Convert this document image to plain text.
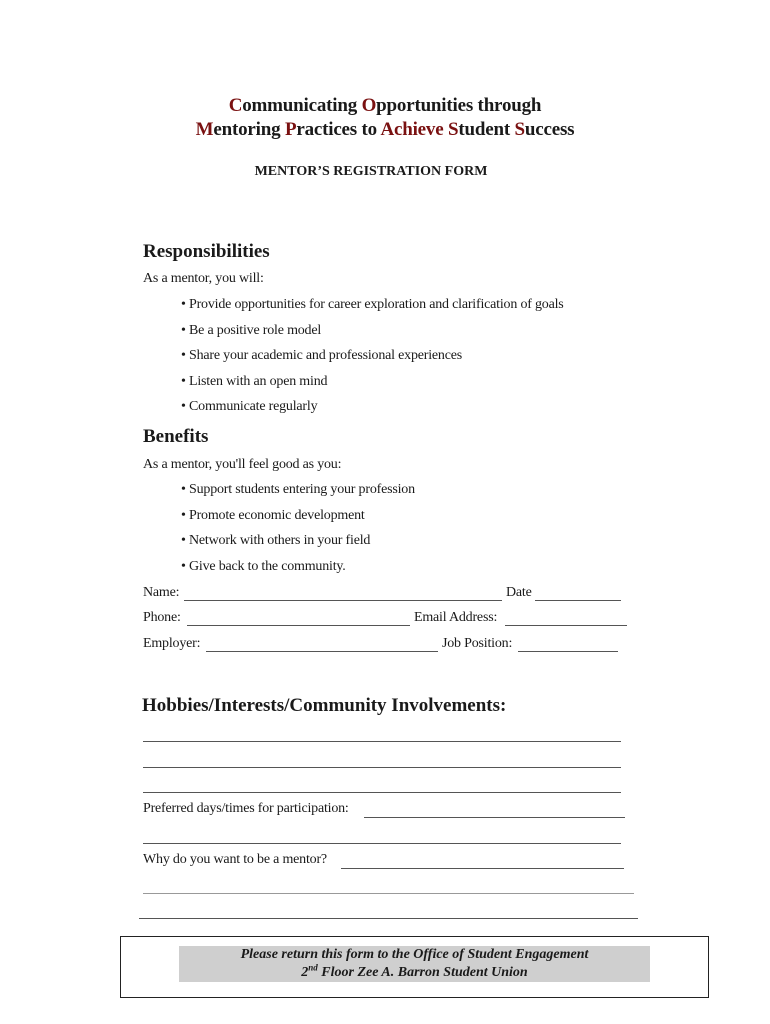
Communicating Opportunities through
Mentoring Practices to Achieve Student Success
MENTOR’S REGISTRATION FORM
Responsibilities
As a mentor, you will:
• Provide opportunities for career exploration and clarification of goals
• Be a positive role model
• Share your academic and professional experiences
• Listen with an open mind
• Communicate regularly
Benefits
As a mentor, you'll feel good as you:
• Support students entering your profession
• Promote economic development
• Network with others in your field
• Give back to the community.
Name:	Date
Phone:	Email Address:
Employer:	Job Position:
Hobbies/Interests/Community Involvements:
Preferred days/times for participation:
Why do you want to be a mentor?
Please return this form to the Office of Student Engagement
2nd Floor Zee A. Barron Student Union
